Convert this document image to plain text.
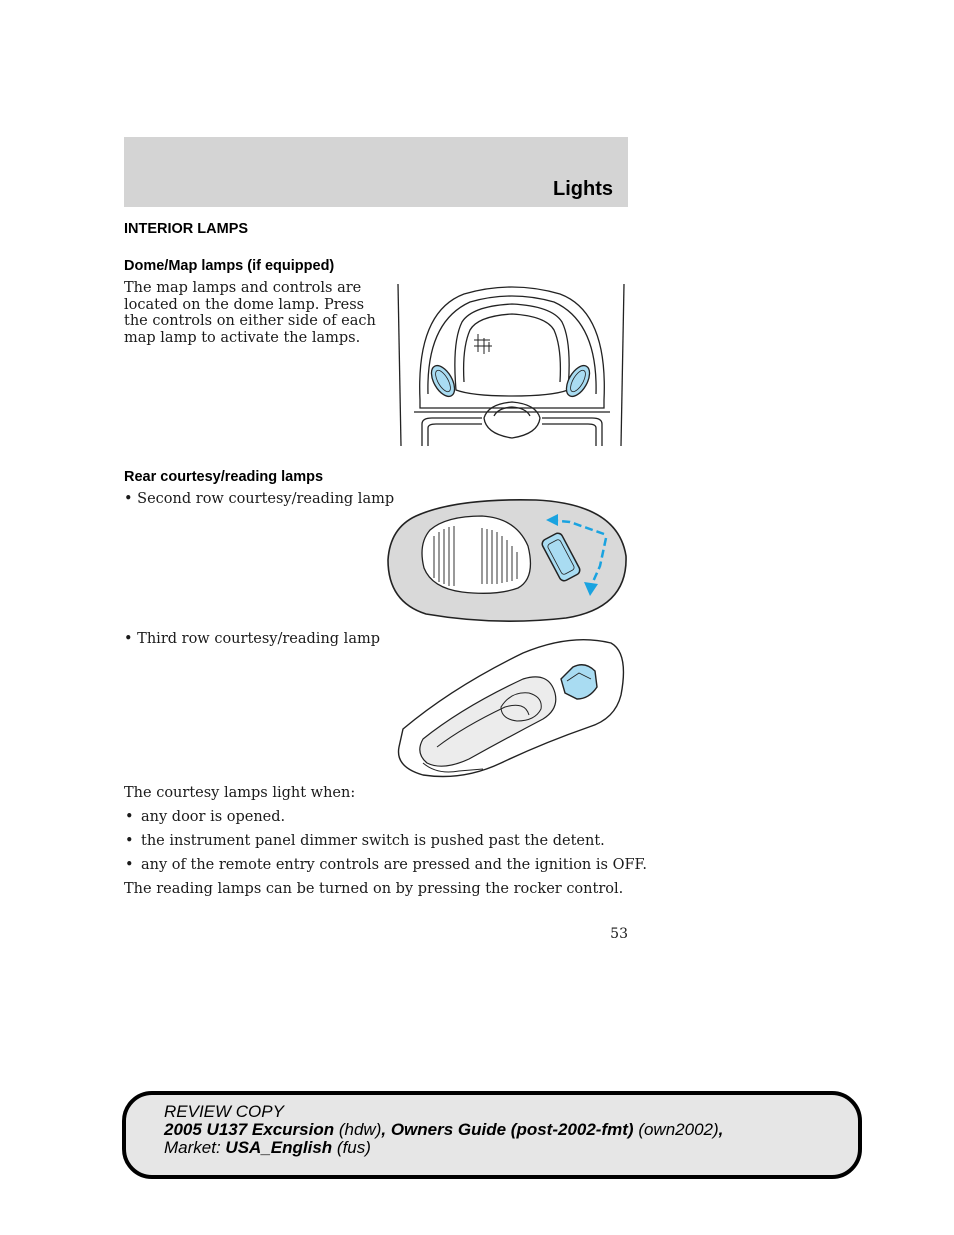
Lights
INTERIOR LAMPS
Dome/Map lamps (if equipped)
The map lamps and controls are located on the dome lamp. Press the controls on either side of each map lamp to activate the lamps.
Rear courtesy/reading lamps
• Second row courtesy/reading lamp
• Third row courtesy/reading lamp
The courtesy lamps light when:
• any door is opened.
• the instrument panel dimmer switch is pushed past the detent.
• any of the remote entry controls are pressed and the ignition is OFF.
The reading lamps can be turned on by pressing the rocker control.
53
REVIEW COPY
2005 U137 Excursion (hdw), Owners Guide (post-2002-fmt) (own2002),
Market: USA_English (fus)
